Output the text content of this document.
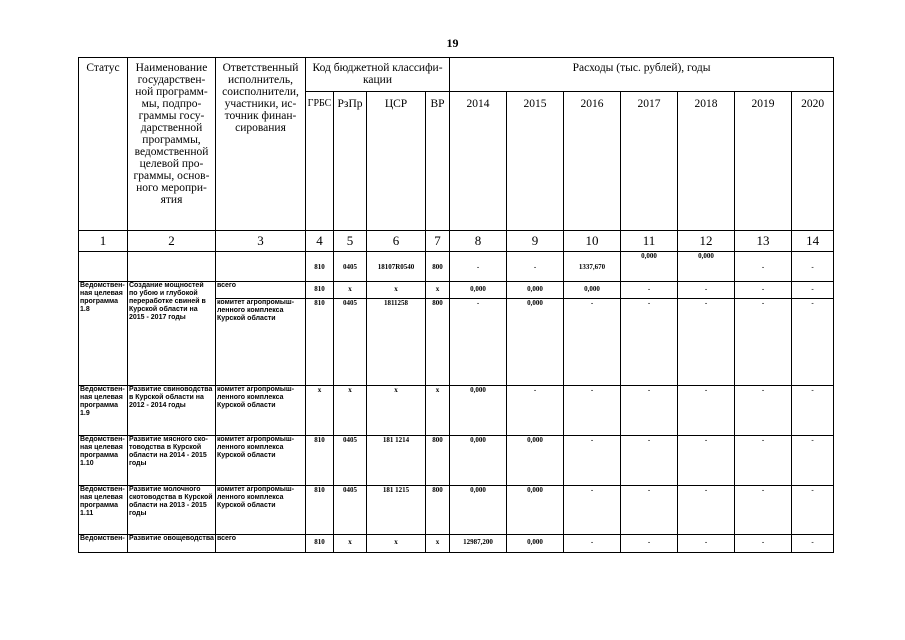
19
Статус	Наименование государствен-ной программ-мы, подпро-граммы госу-дарственной программы, ведомственной целевой про-граммы, основ-ного меропри-ятия	Ответственный исполнитель, соисполнители, участники, ис-точник финан-сирования	Код бюджетной классифи-кации				Расходы (тыс. рублей), годы						
			ГРБС	РзПр	ЦСР	ВР	2014	2015	2016	2017	2018	2019	2020
1	2	3	4	5	6	7	8	9	10	11	12	13	14
			810	0405	18107R0540	800	-	-	1337,670	0,000	0,000	-	-
Ведомствен-ная целевая программа 1.8	Создание мощностей по убою и глубокой переработке свиней в Курской области на 2015 - 2017 годы	всего	810	x	x	x	0,000	0,000	0,000	-	-	-	-
		комитет агропромыш-ленного комплекса Курской области	810	0405	1811258	800	-	0,000	-	-	-	-	-
Ведомствен-ная целевая программа 1.9	Развитие свиноводства в Курской области на 2012 - 2014 годы	комитет агропромыш-ленного комплекса Курской области	x	x	x	x	0,000	-	-	-	-	-	-
Ведомствен-ная целевая программа 1.10	Развитие мясного ско-товодства в Курской области на 2014 - 2015 годы	комитет агропромыш-ленного комплекса Курской области	810	0405	181 1214	800	0,000	0,000	-	-	-	-	-
Ведомствен-ная целевая программа 1.11	Развитие молочного скотоводства в Курской области на 2013 - 2015 годы	комитет агропромыш-ленного комплекса Курской области	810	0405	181 1215	800	0,000	0,000	-	-	-	-	-
Ведомствен-	Развитие овощеводства	всего	810	x	x	x	12987,200	0,000	-	-	-	-	-
